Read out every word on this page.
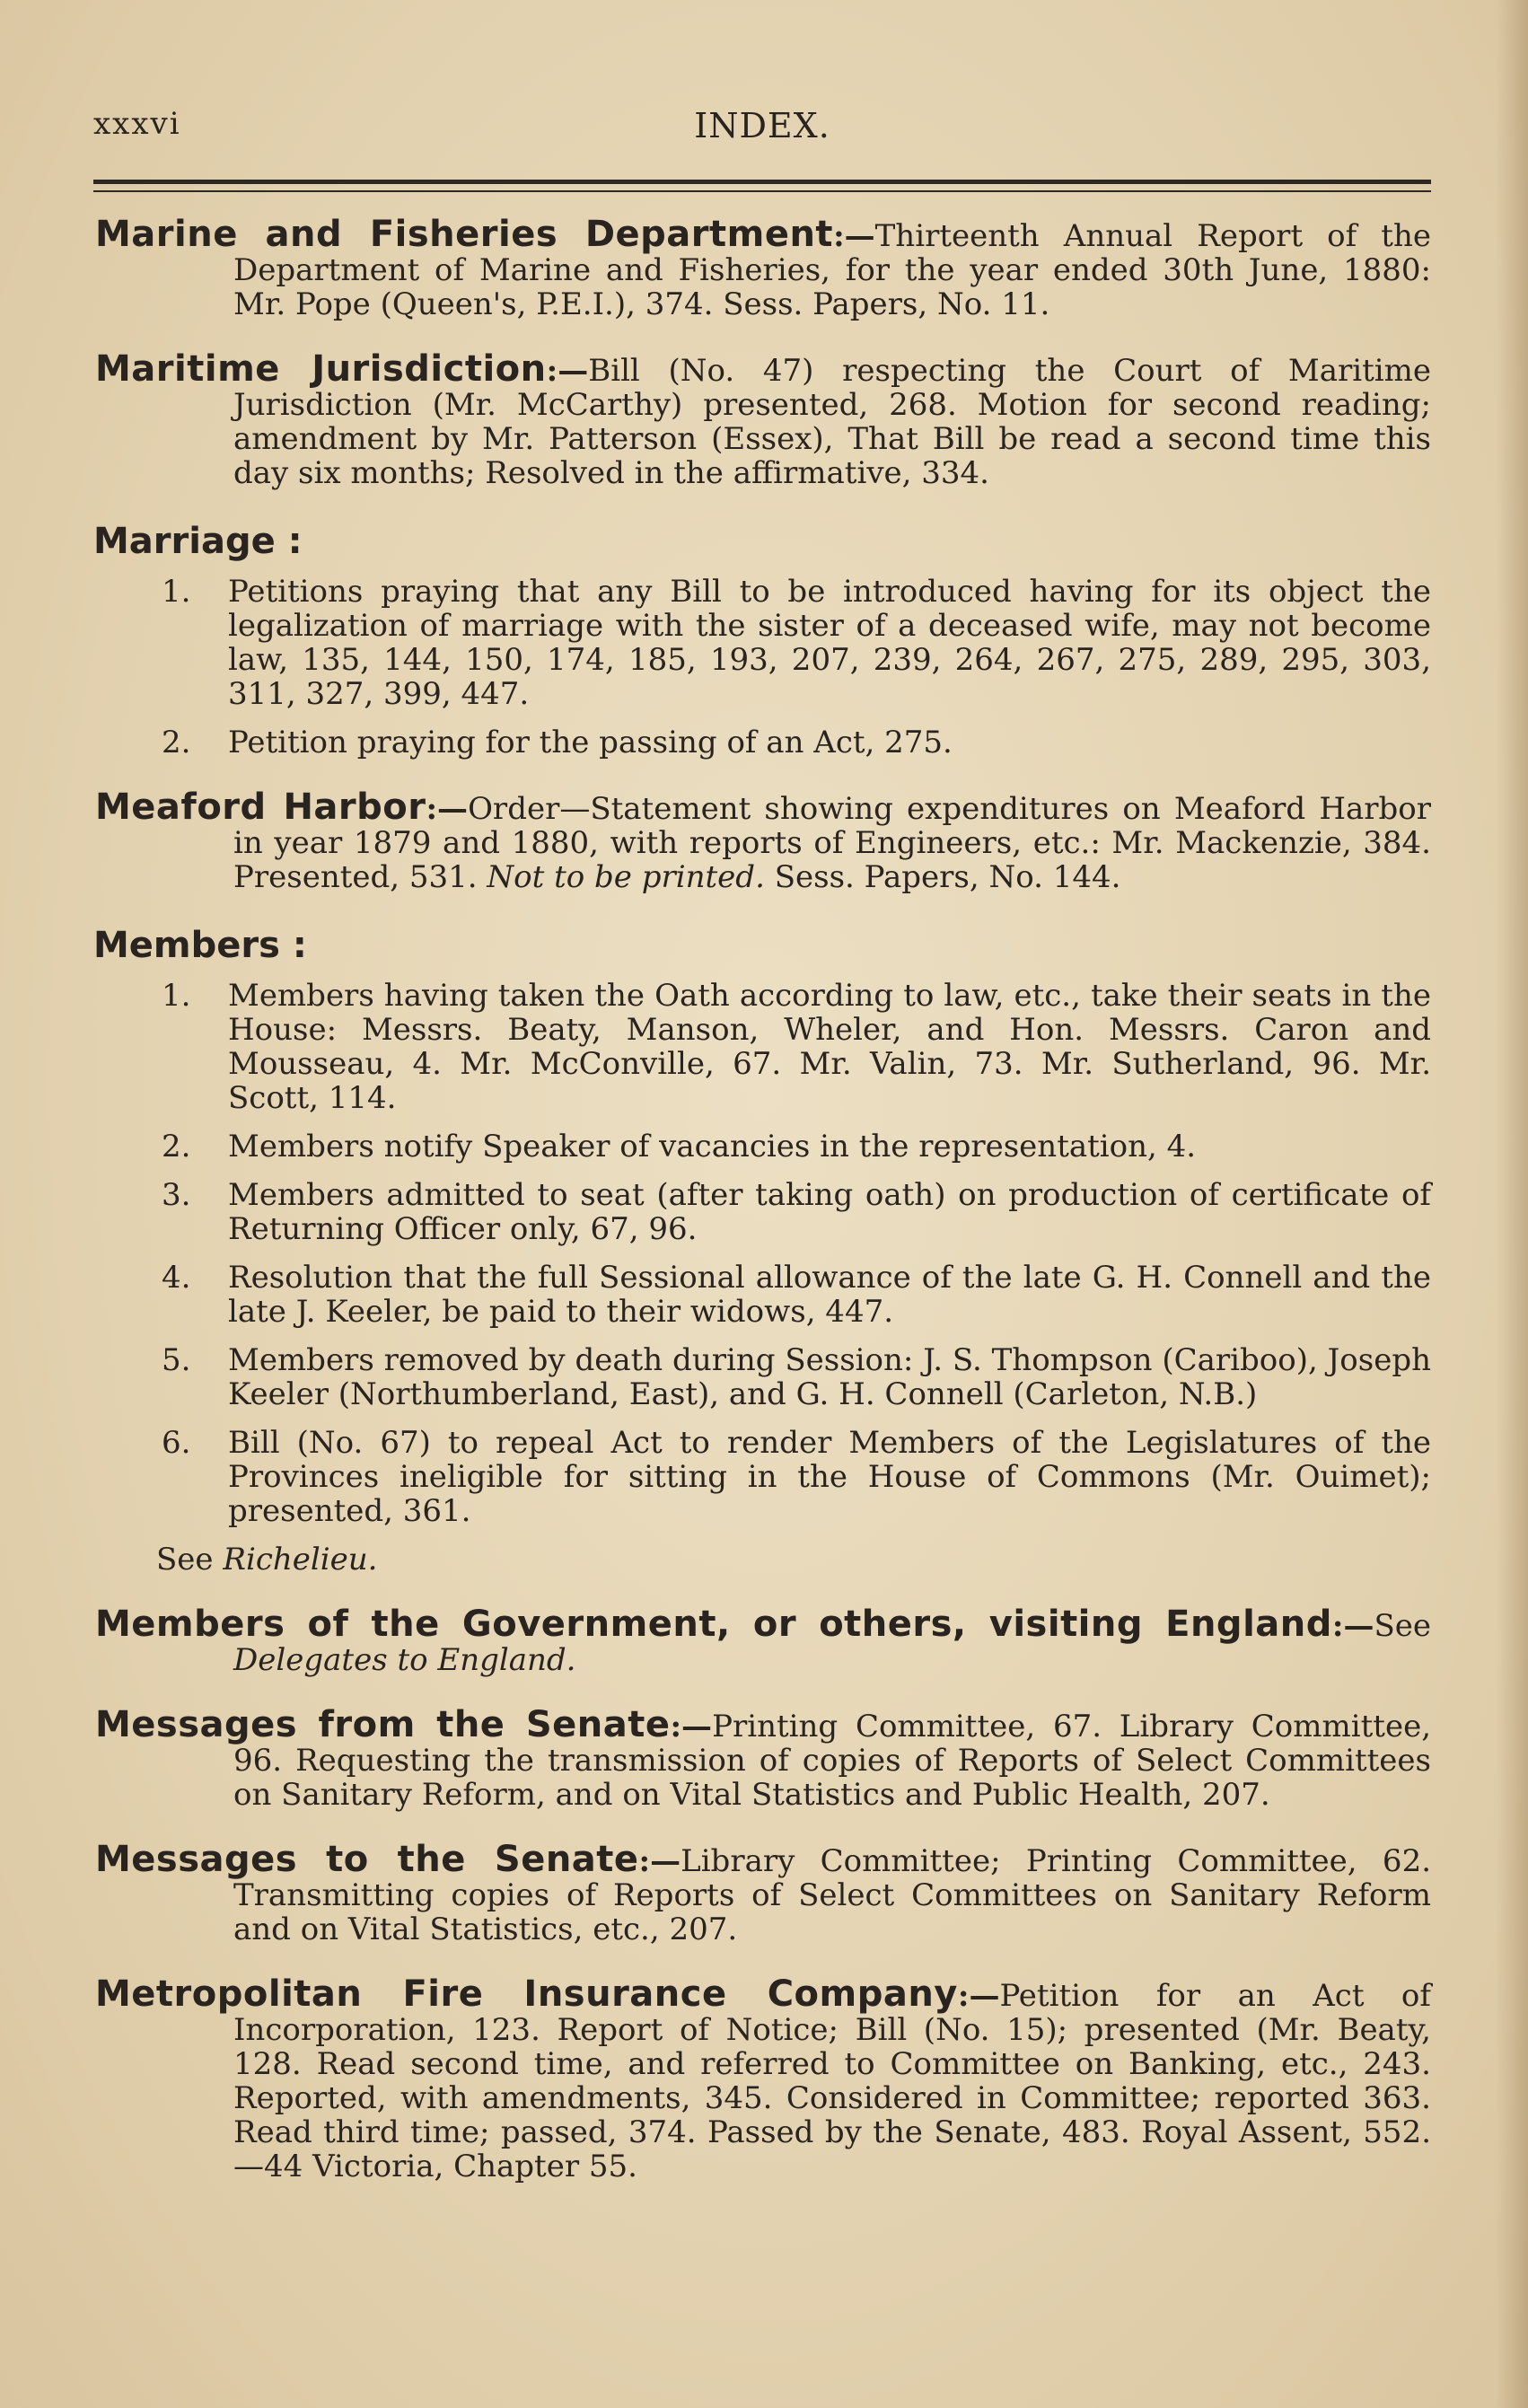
xxxvi	INDEX.
Marine and Fisheries Department:—Thirteenth Annual Report of the Department of Marine and Fisheries, for the year ended 30th June, 1880: Mr. Pope (Queen's, P.E.I.), 374. Sess. Papers, No. 11.
Maritime Jurisdiction:—Bill (No. 47) respecting the Court of Maritime Jurisdiction (Mr. McCarthy) presented, 268. Motion for second reading; amendment by Mr. Patterson (Essex), That Bill be read a second time this day six months; Resolved in the affirmative, 334.
Marriage :
1. Petitions praying that any Bill to be introduced having for its object the legalization of marriage with the sister of a deceased wife, may not become law, 135, 144, 150, 174, 185, 193, 207, 239, 264, 267, 275, 289, 295, 303, 311, 327, 399, 447.
2. Petition praying for the passing of an Act, 275.
Meaford Harbor:—Order—Statement showing expenditures on Meaford Harbor in year 1879 and 1880, with reports of Engineers, etc.: Mr. Mackenzie, 384. Presented, 531. Not to be printed. Sess. Papers, No. 144.
Members :
1. Members having taken the Oath according to law, etc., take their seats in the House: Messrs. Beaty, Manson, Wheler, and Hon. Messrs. Caron and Mousseau, 4. Mr. McConville, 67. Mr. Valin, 73. Mr. Sutherland, 96. Mr. Scott, 114.
2. Members notify Speaker of vacancies in the representation, 4.
3. Members admitted to seat (after taking oath) on production of certificate of Returning Officer only, 67, 96.
4. Resolution that the full Sessional allowance of the late G. H. Connell and the late J. Keeler, be paid to their widows, 447.
5. Members removed by death during Session: J. S. Thompson (Cariboo), Joseph Keeler (Northumberland, East), and G. H. Connell (Carleton, N.B.)
6. Bill (No. 67) to repeal Act to render Members of the Legislatures of the Provinces ineligible for sitting in the House of Commons (Mr. Ouimet); presented, 361.
See Richelieu.
Members of the Government, or others, visiting England:—See Delegates to England.
Messages from the Senate:—Printing Committee, 67. Library Committee, 96. Requesting the transmission of copies of Reports of Select Committees on Sanitary Reform, and on Vital Statistics and Public Health, 207.
Messages to the Senate:—Library Committee; Printing Committee, 62. Transmitting copies of Reports of Select Committees on Sanitary Reform and on Vital Statistics, etc., 207.
Metropolitan Fire Insurance Company:—Petition for an Act of Incorporation, 123. Report of Notice; Bill (No. 15); presented (Mr. Beaty, 128. Read second time, and referred to Committee on Banking, etc., 243. Reported, with amendments, 345. Considered in Committee; reported 363. Read third time; passed, 374. Passed by the Senate, 483. Royal Assent, 552.—44 Victoria, Chapter 55.
